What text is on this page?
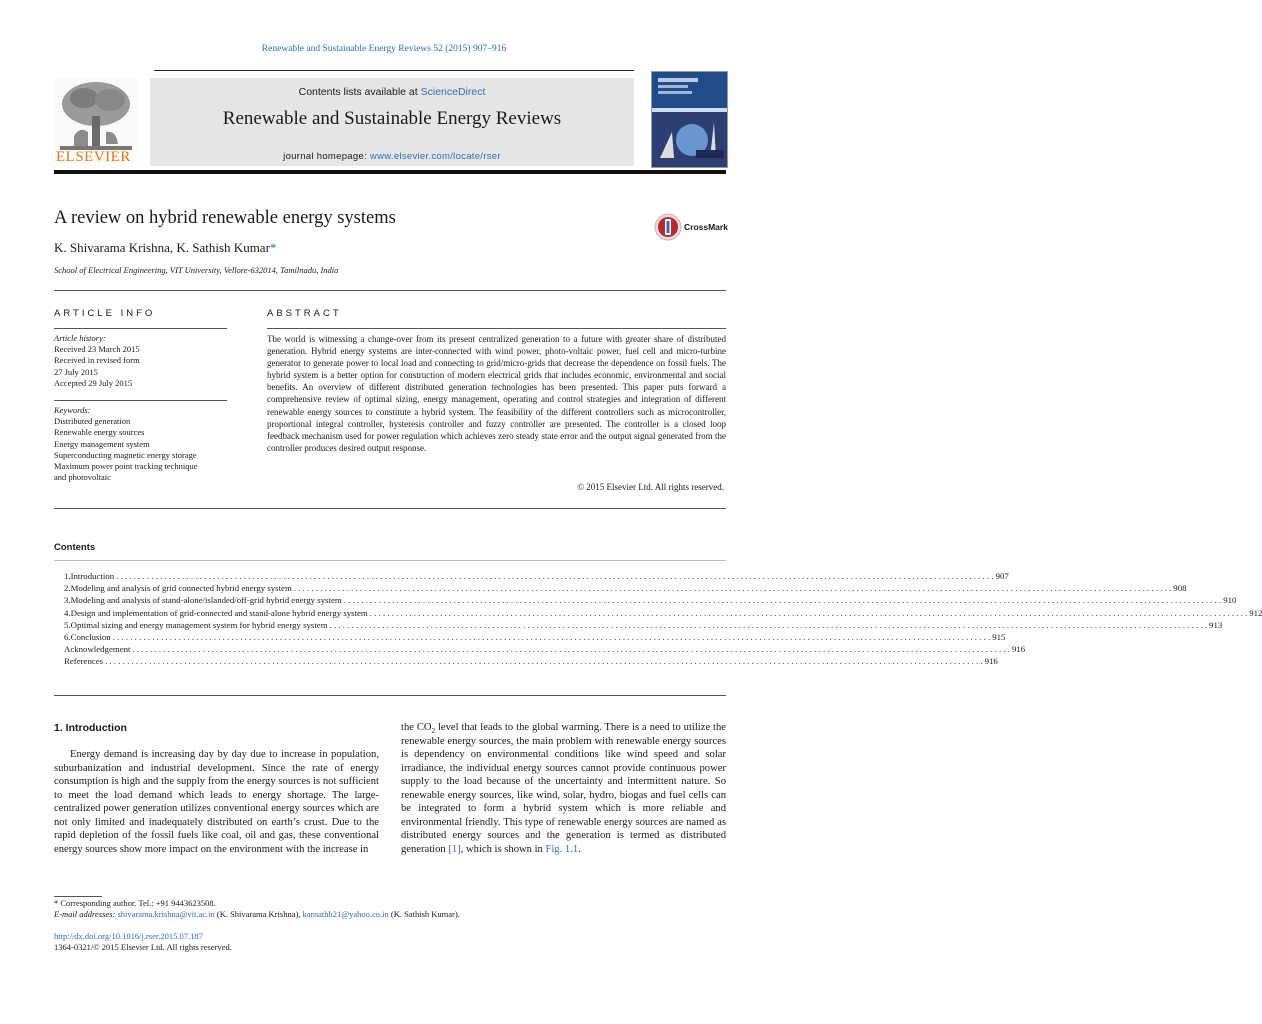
Renewable and Sustainable Energy Reviews 52 (2015) 907–916
ELSEVIER
Contents lists available at ScienceDirect
Renewable and Sustainable Energy Reviews
journal homepage: www.elsevier.com/locate/rser
A review on hybrid renewable energy systems
K. Shivarama Krishna, K. Sathish Kumar*
School of Electrical Engineering, VIT University, Vellore-632014, Tamilnadu, India
CrossMark
ARTICLE INFO
Article history:
Received 23 March 2015
Received in revised form
27 July 2015
Accepted 29 July 2015
Keywords:
Distributed generation
Renewable energy sources
Energy management system
Superconducting magnetic energy storage
Maximum power point tracking technique
and photovoltaic
ABSTRACT
The world is witnessing a change-over from its present centralized generation to a future with greater share of distributed generation. Hybrid energy systems are inter-connected with wind power, photo-voltaic power, fuel cell and micro-turbine generator to generate power to local load and connecting to grid/micro-grids that decrease the dependence on fossil fuels. The hybrid system is a better option for construction of modern electrical grids that includes economic, environmental and social benefits. An overview of different distributed generation technologies has been presented. This paper puts forward a comprehensive review of optimal sizing, energy management, operating and control strategies and integration of different renewable energy sources to constitute a hybrid system. The feasibility of the different controllers such as microcontroller, proportional integral controller, hysteresis controller and fuzzy controller are presented. The controller is a closed loop feedback mechanism used for power regulation which achieves zero steady state error and the output signal generated from the controller produces desired output response.
© 2015 Elsevier Ltd. All rights reserved.
Contents
1. Introduction . . . . . . . . . . . . . . . . . . . . . . . . . . . . . . . . . . . . . . . . . . . . . . . . . . . . . . . . . . . . . . . . . . . . . . . . . . . . . . . . . . . . . . . . . . . . . . . . . . . . . . . . . . . . . . . . . . . . . . . . . . . . . . . . . . . . . . . . . . . . . . . . . . . . . . . . . . . . . . . . . . . . . . . . . . . . . . . . . . . . . . . . . . . . . . . . . . . . . . . . 907
2. Modeling and analysis of grid connected hybrid energy system . . . . . . . . . . . . . . . . . . . . . . . . . . . . . . . . . . . . . . . . . . . . . . . . . . . . . . . . . . . . . . . . . . . . . . . . . . . . . . . . . . . . . . . . . . . . . . . . . . . . . . . . . . . . . . . . . . . . . . . . . . . . . . . . . . . . . . . . . . . . . . . . . . . . . . . . . . . . . . . . . . . . . . . . . . . . . . . . . . . . . . . . . . . . . . . . . . . . . . . . 908
3. Modeling and analysis of stand-alone/islanded/off-grid hybrid energy system . . . . . . . . . . . . . . . . . . . . . . . . . . . . . . . . . . . . . . . . . . . . . . . . . . . . . . . . . . . . . . . . . . . . . . . . . . . . . . . . . . . . . . . . . . . . . . . . . . . . . . . . . . . . . . . . . . . . . . . . . . . . . . . . . . . . . . . . . . . . . . . . . . . . . . . . . . . . . . . . . . . . . . . . . . . . . . . . . . . . . . . . . . . . . . . . . . . . . . . . 910
4. Design and implementation of grid-connected and stand-alone hybrid energy system . . . . . . . . . . . . . . . . . . . . . . . . . . . . . . . . . . . . . . . . . . . . . . . . . . . . . . . . . . . . . . . . . . . . . . . . . . . . . . . . . . . . . . . . . . . . . . . . . . . . . . . . . . . . . . . . . . . . . . . . . . . . . . . . . . . . . . . . . . . . . . . . . . . . . . . . . . . . . . . . . . . . . . . . . . . . . . . . . . . . . . . . . . . . . . . . . . . . . . . . 912
5. Optimal sizing and energy management system for hybrid energy system . . . . . . . . . . . . . . . . . . . . . . . . . . . . . . . . . . . . . . . . . . . . . . . . . . . . . . . . . . . . . . . . . . . . . . . . . . . . . . . . . . . . . . . . . . . . . . . . . . . . . . . . . . . . . . . . . . . . . . . . . . . . . . . . . . . . . . . . . . . . . . . . . . . . . . . . . . . . . . . . . . . . . . . . . . . . . . . . . . . . . . . . . . . . . . . . . . . . . . . . 913
6. Conclusion . . . . . . . . . . . . . . . . . . . . . . . . . . . . . . . . . . . . . . . . . . . . . . . . . . . . . . . . . . . . . . . . . . . . . . . . . . . . . . . . . . . . . . . . . . . . . . . . . . . . . . . . . . . . . . . . . . . . . . . . . . . . . . . . . . . . . . . . . . . . . . . . . . . . . . . . . . . . . . . . . . . . . . . . . . . . . . . . . . . . . . . . . . . . . . . . . . . . . . . . 915
Acknowledgement . . . . . . . . . . . . . . . . . . . . . . . . . . . . . . . . . . . . . . . . . . . . . . . . . . . . . . . . . . . . . . . . . . . . . . . . . . . . . . . . . . . . . . . . . . . . . . . . . . . . . . . . . . . . . . . . . . . . . . . . . . . . . . . . . . . . . . . . . . . . . . . . . . . . . . . . . . . . . . . . . . . . . . . . . . . . . . . . . . . . . . . . . . . . . . . . . . . . . . . . 916
References . . . . . . . . . . . . . . . . . . . . . . . . . . . . . . . . . . . . . . . . . . . . . . . . . . . . . . . . . . . . . . . . . . . . . . . . . . . . . . . . . . . . . . . . . . . . . . . . . . . . . . . . . . . . . . . . . . . . . . . . . . . . . . . . . . . . . . . . . . . . . . . . . . . . . . . . . . . . . . . . . . . . . . . . . . . . . . . . . . . . . . . . . . . . . . . . . . . . . . . . 916
1. Introduction
Energy demand is increasing day by day due to increase in population, suburbanization and industrial development. Since the rate of energy consumption is high and the supply from the energy sources is not sufficient to meet the load demand which leads to energy shortage. The large-centralized power generation utilizes conventional energy sources which are not only limited and inadequately distributed on earth’s crust. Due to the rapid depletion of the fossil fuels like coal, oil and gas, these conventional energy sources show more impact on the environment with the increase in
the $CO_2$ level that leads to the global warming. There is a need to utilize the renewable energy sources, the main problem with renewable energy sources is dependency on environmental conditions like wind speed and solar irradiance, the individual energy sources cannot provide continuous power supply to the load because of the uncertainty and intermittent nature. So renewable energy sources, like wind, solar, hydro, biogas and fuel cells can be integrated to form a hybrid system which is more reliable and environmental friendly. This type of renewable energy sources are named as distributed energy sources and the generation is termed as distributed generation [1], which is shown in Fig. 1.1.
* Corresponding author. Tel.: +91 9443623508.
E-mail addresses: shivarama.krishna@vit.ac.in (K. Shivarama Krishna), kansathh21@yahoo.co.in (K. Sathish Kumar).
http://dx.doi.org/10.1016/j.rser.2015.07.187
1364-0321/© 2015 Elsevier Ltd. All rights reserved.
